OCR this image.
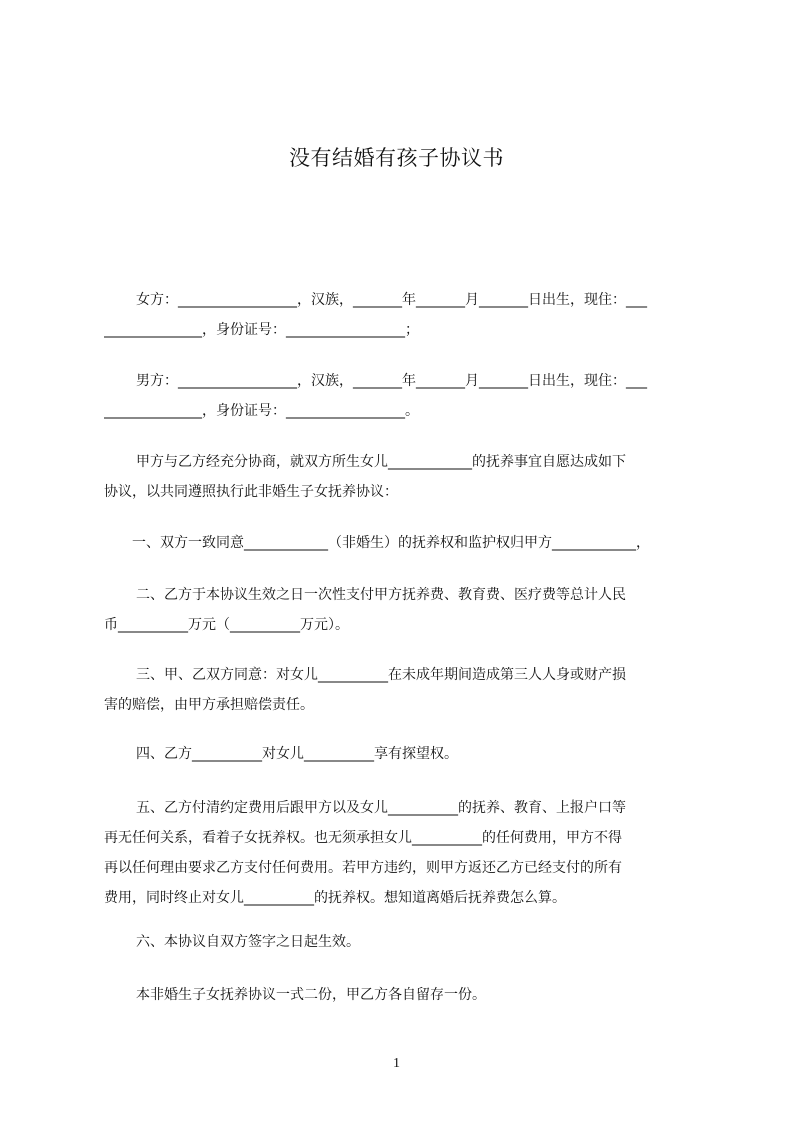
没有结婚有孩子协议书
女方：_________________，汉族，_______年_______月_______日出生，现住：___
______________，身份证号：_________________；
男方：_________________，汉族，_______年_______月_______日出生，现住：___
______________，身份证号：_________________。
甲方与乙方经充分协商，就双方所生女儿____________的抚养事宜自愿达成如下
协议，以共同遵照执行此非婚生子女抚养协议：
一、双方一致同意____________（非婚生）的抚养权和监护权归甲方____________，
二、乙方于本协议生效之日一次性支付甲方抚养费、教育费、医疗费等总计人民
币__________万元（__________万元）。
三、甲、乙双方同意：对女儿__________在未成年期间造成第三人人身或财产损
害的赔偿，由甲方承担赔偿责任。
四、乙方__________对女儿__________享有探望权。
五、乙方付清约定费用后跟甲方以及女儿__________的抚养、教育、上报户口等
再无任何关系，看着子女抚养权。也无须承担女儿__________的任何费用，甲方不得
再以任何理由要求乙方支付任何费用。若甲方违约，则甲方返还乙方已经支付的所有
费用，同时终止对女儿__________的抚养权。想知道离婚后抚养费怎么算。
六、本协议自双方签字之日起生效。
本非婚生子女抚养协议一式二份，甲乙方各自留存一份。
1
